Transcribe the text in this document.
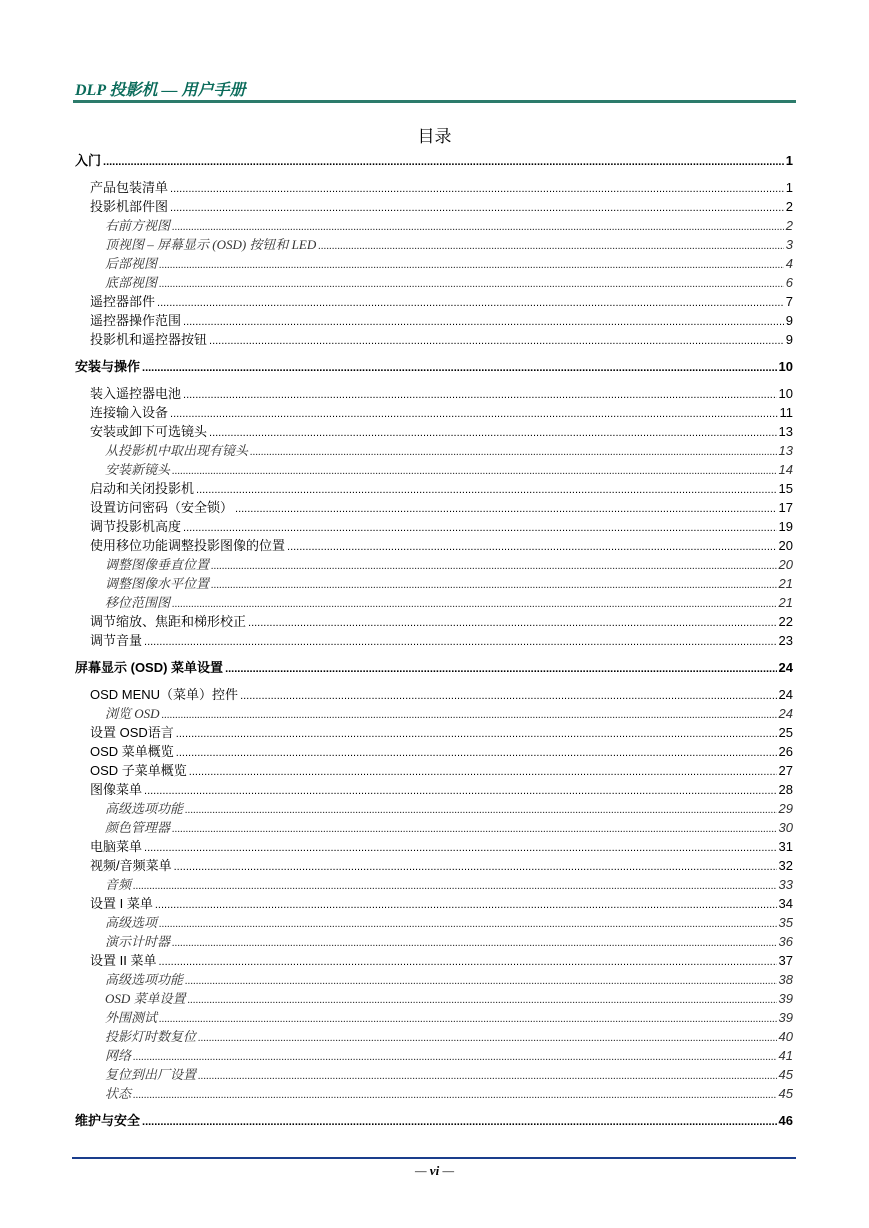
DLP 投影机 — 用户手册
目录
入门 .....	1
产品包装清单 .....	1
投影机部件图 .....	2
右前方视图 .....	2
顶视图 – 屏幕显示 (OSD) 按钮和 LED .....	3
后部视图 .....	4
底部视图 .....	6
遥控器部件 .....	7
遥控器操作范围 .....	9
投影机和遥控器按钮 .....	9
安装与操作 .....	10
装入遥控器电池 .....	10
连接输入设备 .....	11
安装或卸下可选镜头 .....	13
从投影机中取出现有镜头 .....	13
安装新镜头 .....	14
启动和关闭投影机 .....	15
设置访问密码（安全锁） .....	17
调节投影机高度 .....	19
使用移位功能调整投影图像的位置 .....	20
调整图像垂直位置 .....	20
调整图像水平位置 .....	21
移位范围图 .....	21
调节缩放、焦距和梯形校正 .....	22
调节音量 .....	23
屏幕显示 (OSD) 菜单设置 .....	24
OSD MENU（菜单）控件 .....	24
浏览 OSD .....	24
设置 OSD语言 .....	25
OSD 菜单概览 .....	26
OSD 子菜单概览 .....	27
图像菜单 .....	28
高级选项功能 .....	29
颜色管理器 .....	30
电脑菜单 .....	31
视频/音频菜单 .....	32
音频 .....	33
设置 I 菜单 .....	34
高级选项 .....	35
演示计时器 .....	36
设置 II 菜单 .....	37
高级选项功能 .....	38
OSD 菜单设置 .....	39
外围测试 .....	39
投影灯时数复位 .....	40
网络 .....	41
复位到出厂设置 .....	45
状态 .....	45
维护与安全 .....	46
— vi —
